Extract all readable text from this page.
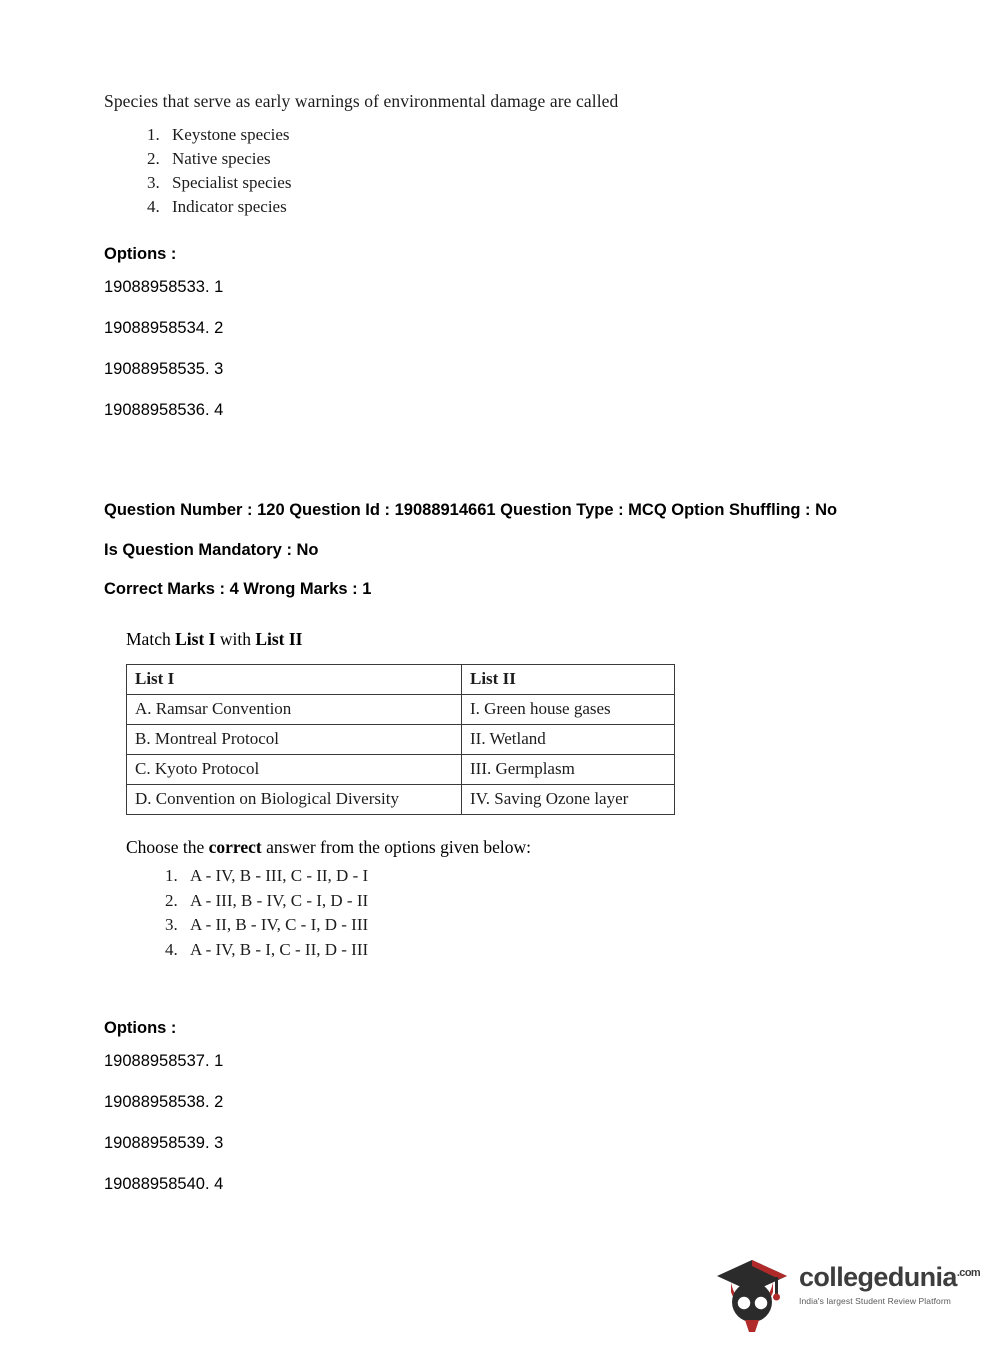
Species that serve as early warnings of environmental damage are called

1. Keystone species
2. Native species
3. Specialist species
4. Indicator species

Options :

19088958533. 1

19088958534. 2

19088958535. 3

19088958536. 4

Question Number : 120 Question Id : 19088914661 Question Type : MCQ Option Shuffling : No

Is Question Mandatory : No

Correct Marks : 4 Wrong Marks : 1

Match List I with List II

List I	List II
A. Ramsar Convention	I. Green house gases
B. Montreal Protocol	II. Wetland
C. Kyoto Protocol	III. Germplasm
D. Convention on Biological Diversity	IV. Saving Ozone layer

Choose the correct answer from the options given below:

1. A - IV, B - III, C - II, D - I
2. A - III, B - IV, C - I, D - II
3. A - II, B - IV, C - I, D - III
4. A - IV, B - I, C - II, D - III

Options :

19088958537. 1

19088958538. 2

19088958539. 3

19088958540. 4

collegedunia$^{.com}$
India's largest Student Review Platform
